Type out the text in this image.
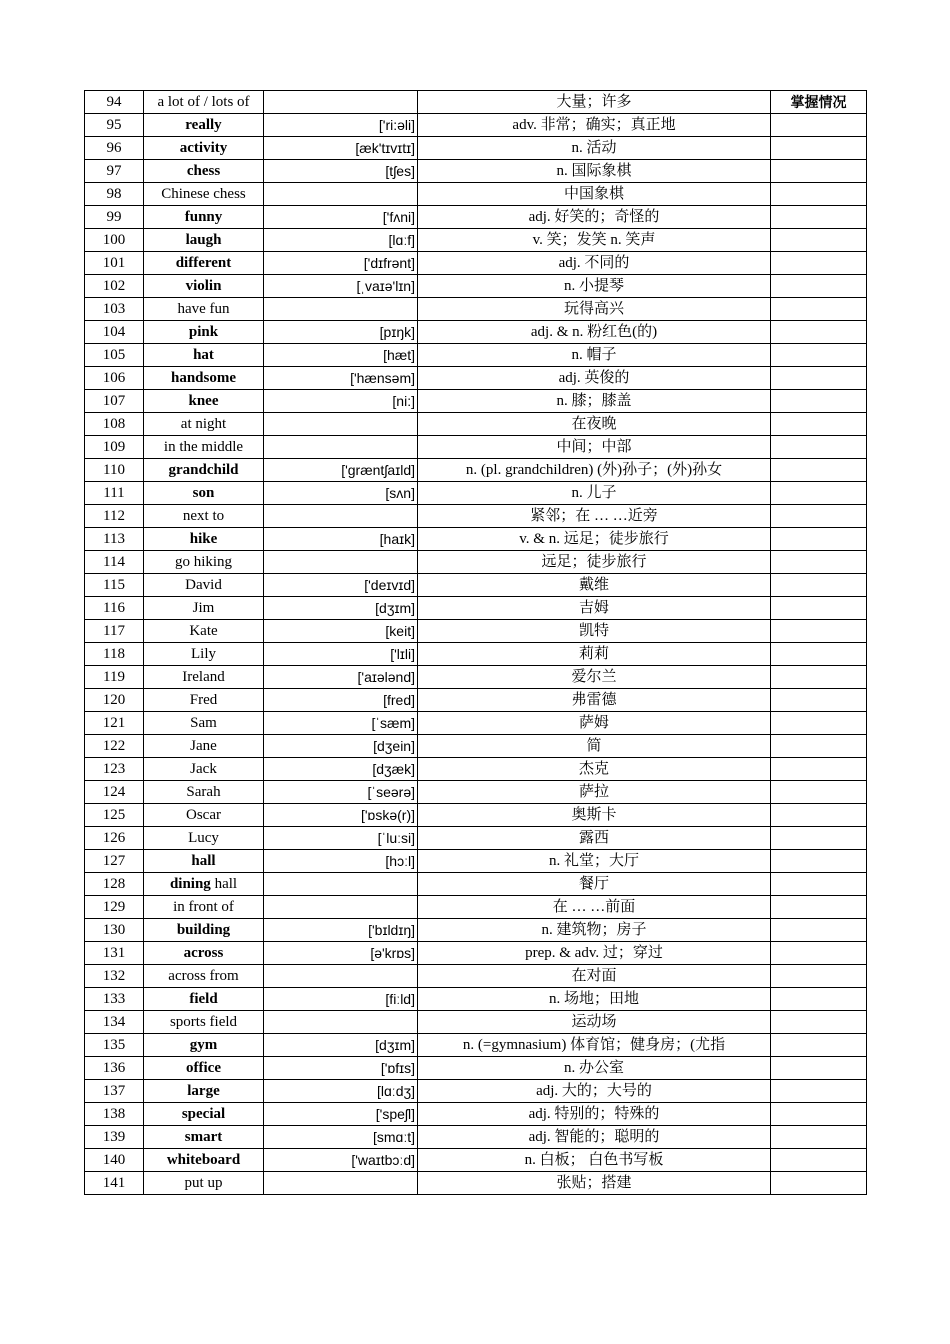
94	a lot of / lots of		大量；许多	掌握情况
95	really	['ri:əli]	adv. 非常；确实；真正地	
96	activity	[æk'tɪvɪtɪ]	n. 活动	
97	chess	[tʃes]	n. 国际象棋	
98	Chinese chess		中国象棋	
99	funny	['fʌni]	adj. 好笑的；奇怪的	
100	laugh	[lɑːf]	v. 笑；发笑 n. 笑声	
101	different	['dɪfrənt]	adj. 不同的	
102	violin	[ˌvaɪə'lɪn]	n. 小提琴	
103	have fun		玩得高兴	
104	pink	[pɪŋk]	adj. & n. 粉红色(的)	
105	hat	[hæt]	n. 帽子	
106	handsome	['hænsəm]	adj. 英俊的	
107	knee	[ni:]	n. 膝；膝盖	
108	at night		在夜晚	
109	in the middle		中间；中部	
110	grandchild	['ɡræntʃaɪld]	n. (pl. grandchildren) (外)孙子；(外)孙女	
111	son	[sʌn]	n. 儿子	
112	next to		紧邻；在 … …近旁	
113	hike	[haɪk]	v. & n. 远足；徒步旅行	
114	go hiking		远足；徒步旅行	
115	David	['deɪvɪd]	戴维	
116	Jim	[dʒɪm]	吉姆	
117	Kate	[keit]	凯特	
118	Lily	['lɪli]	莉莉	
119	Ireland	['aɪələnd]	爱尔兰	
120	Fred	[fred]	弗雷德	
121	Sam	[ˈsæm]	萨姆	
122	Jane	[dʒein]	简	
123	Jack	[dʒæk]	杰克	
124	Sarah	[ˈseərə]	萨拉	
125	Oscar	['ɒskə(r)]	奥斯卡	
126	Lucy	[ˈluːsi]	露西	
127	hall	[hɔːl]	n. 礼堂；大厅	
128	dining hall		餐厅	
129	in front of		在 … …前面	
130	building	['bɪldɪŋ]	n. 建筑物；房子	
131	across	[ə'krɒs]	prep. & adv. 过；穿过	
132	across from		在对面	
133	field	[fiːld]	n. 场地；田地	
134	sports field		运动场	
135	gym	[dʒɪm]	n. (=gymnasium) 体育馆；健身房；(尤指	
136	office	['ɒfɪs]	n. 办公室	
137	large	[lɑːdʒ]	adj. 大的；大号的	
138	special	['speʃl]	adj. 特别的；特殊的	
139	smart	[smɑːt]	adj. 智能的；聪明的	
140	whiteboard	['waɪtbɔːd]	n. 白板； 白色书写板	
141	put up		张贴；搭建	
